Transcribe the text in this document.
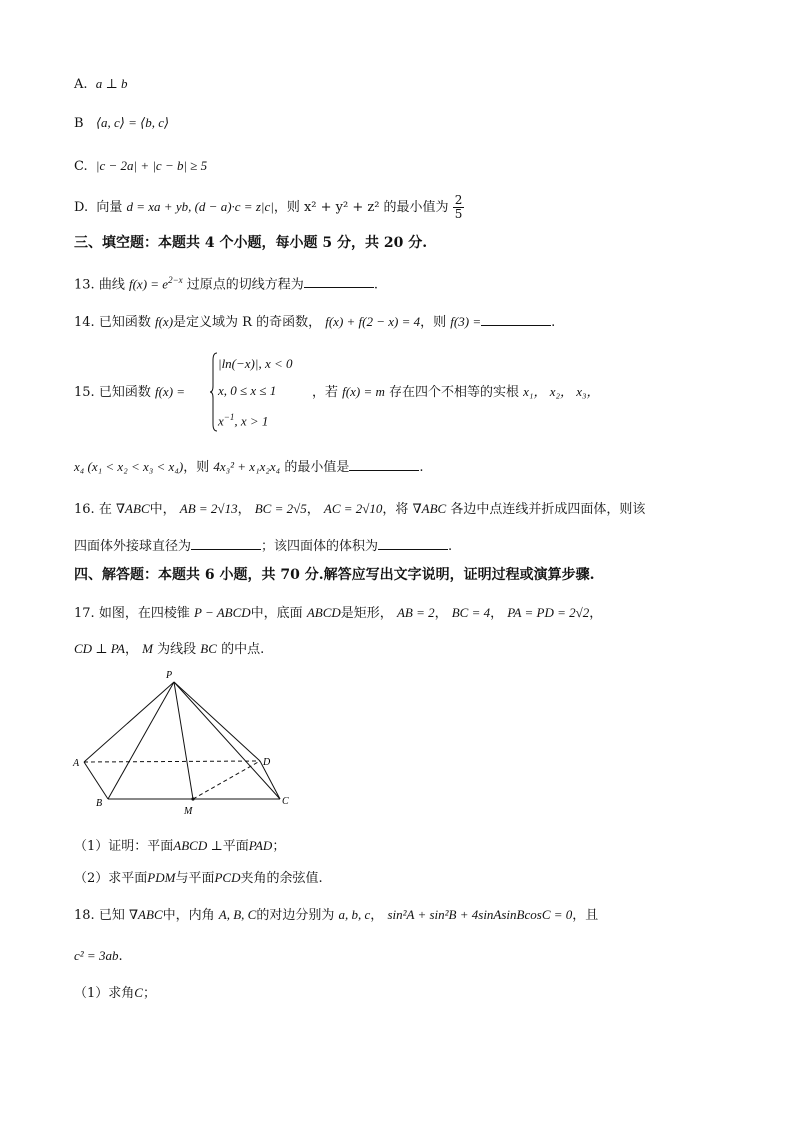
A. a ⊥ b
B ⟨a, c⟩ = ⟨b, c⟩
C. |c − 2a| + |c − b| ≥ 5
D. 向量 d = xa + yb, (d − a)·c = z|c|，则 x² + y² + z² 的最小值为 $\frac{2}{5}$
三、填空题：本题共 4 个小题，每小题 5 分，共 20 分.
13. 曲线 $f(x) = e^{2-x}$ 过原点的切线方程为	.
14. 已知函数 f(x)是定义域为 R 的奇函数， f(x) + f(2 − x) = 4，则 f(3) =	.
15. 已知函数 f(x) =
|ln(−x)|, x < 0
x, 0 ≤ x ≤ 1
$x^{-1}$, x > 1
，若 f(x) = m 存在四个不相等的实根 x₁， x₂， x₃，
x₄ (x₁ < x₂ < x₃ < x₄)，则 4x₃² + x₁x₂x₄ 的最小值是	.
16. 在 ∇ABC中， AB = 2√13， BC = 2√5， AC = 2√10，将 ∇ABC 各边中点连线并折成四面体，则该
四面体外接球直径为	；该四面体的体积为	.
四、解答题：本题共 6 小题，共 70 分.解答应写出文字说明，证明过程或演算步骤.
17. 如图，在四棱锥 P − ABCD中，底面 ABCD是矩形， AB = 2， BC = 4， PA = PD = 2√2，
CD ⊥ PA， M 为线段 BC 的中点.
P
A
B	C
D
M
（1）证明：平面ABCD ⊥平面PAD；
（2）求平面PDM与平面PCD夹角的余弦值.
18. 已知 ∇ABC中，内角 A, B, C的对边分别为 a, b, c， sin²A + sin²B + 4sinAsinBcosC = 0，且
c² = 3ab.
（1）求角C；
